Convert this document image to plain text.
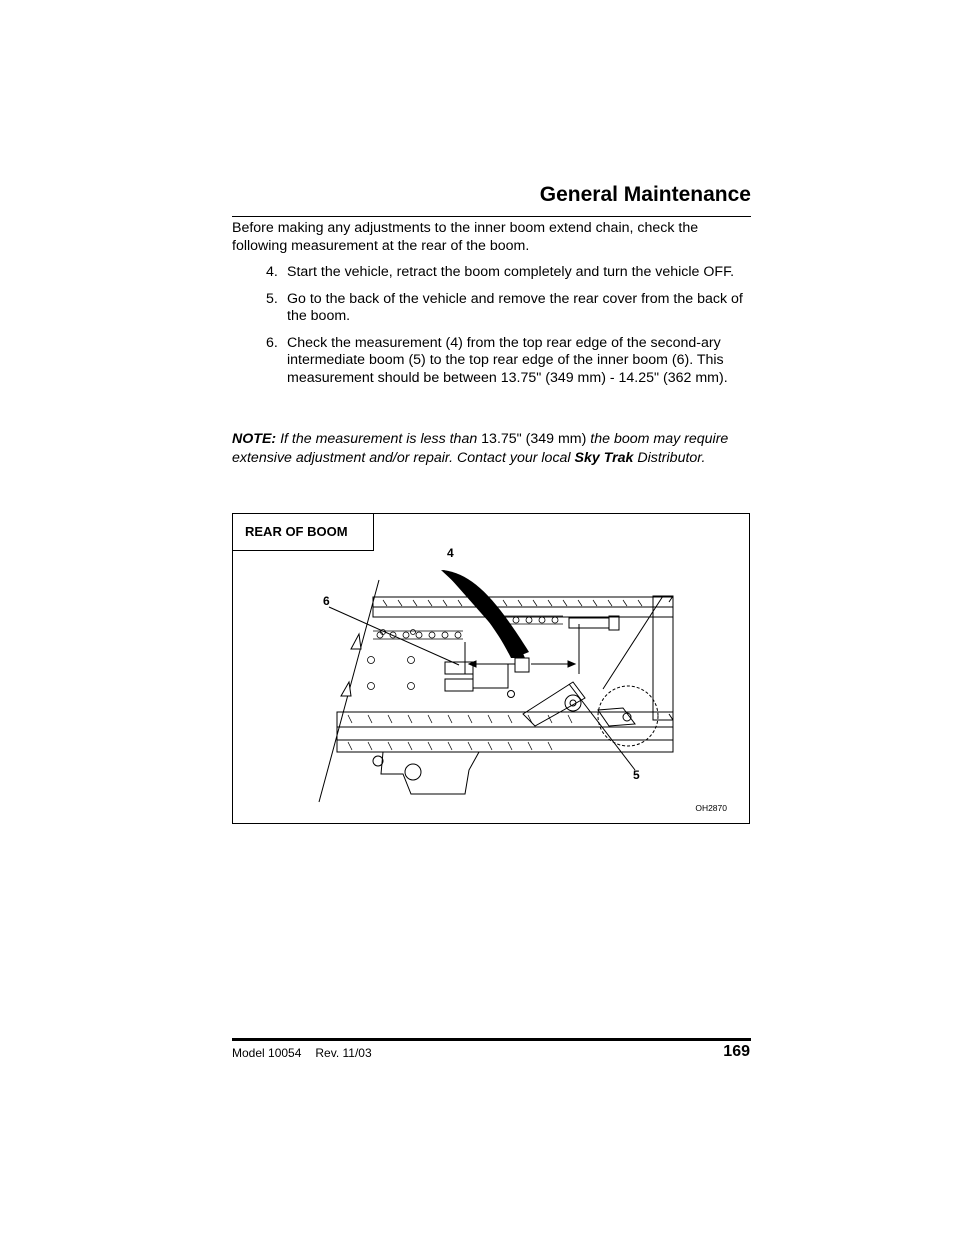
General Maintenance
Before making any adjustments to the inner boom extend chain, check the following measurement at the rear of the boom.
4. Start the vehicle, retract the boom completely and turn the vehicle OFF.
5. Go to the back of the vehicle and remove the rear cover from the back of the boom.
6. Check the measurement (4) from the top rear edge of the second-ary intermediate boom (5) to the top rear edge of the inner boom (6). This measurement should be between 13.75" (349 mm) - 14.25" (362 mm).
NOTE: If the measurement is less than 13.75" (349 mm) the boom may require extensive adjustment and/or repair. Contact your local Sky Trak Distributor.
REAR OF BOOM
4
6
5
OH2870
Model 10054 Rev. 11/03	169
